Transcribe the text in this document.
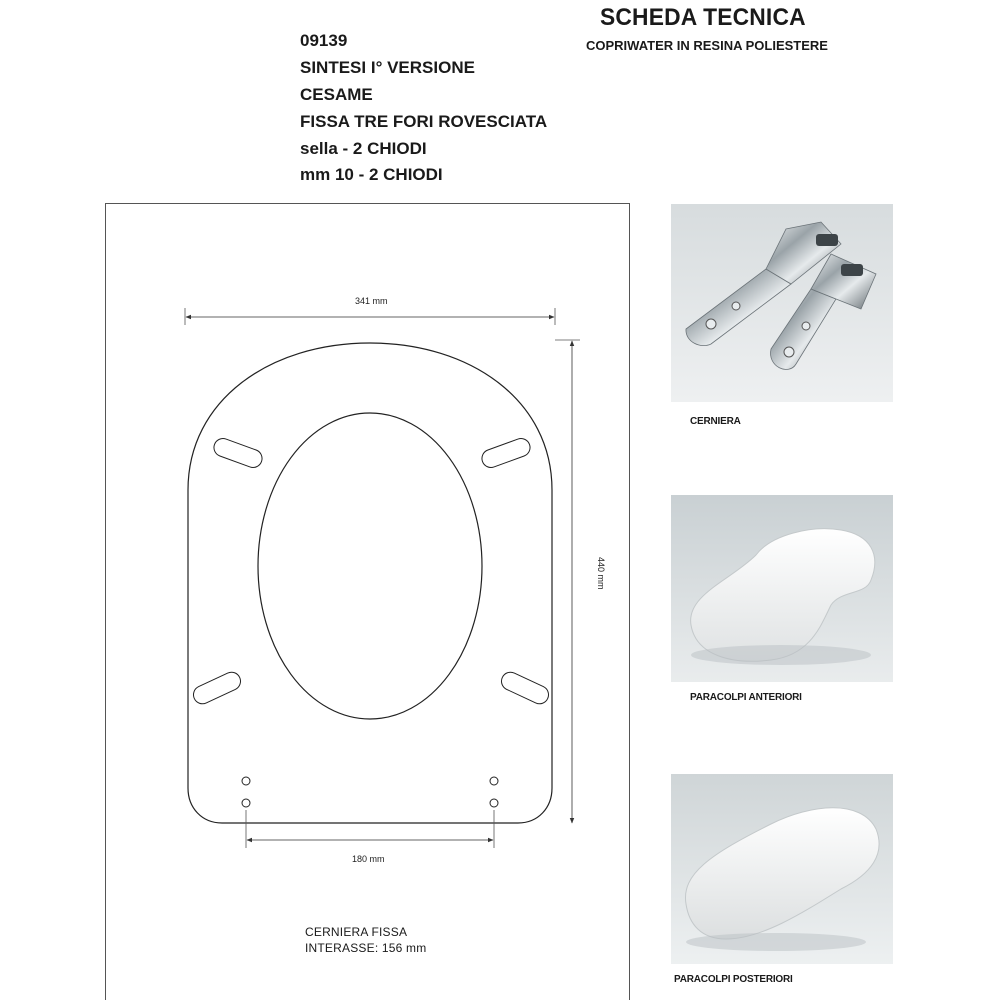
SCHEDA TECNICA
COPRIWATER IN RESINA POLIESTERE
09139
SINTESI I° VERSIONE
CESAME
FISSA TRE FORI ROVESCIATA
sella - 2 CHIODI
mm 10 - 2 CHIODI
341 mm
440 mm
180 mm
CERNIERA FISSA
INTERASSE: 156 mm
CERNIERA
PARACOLPI ANTERIORI
PARACOLPI POSTERIORI
